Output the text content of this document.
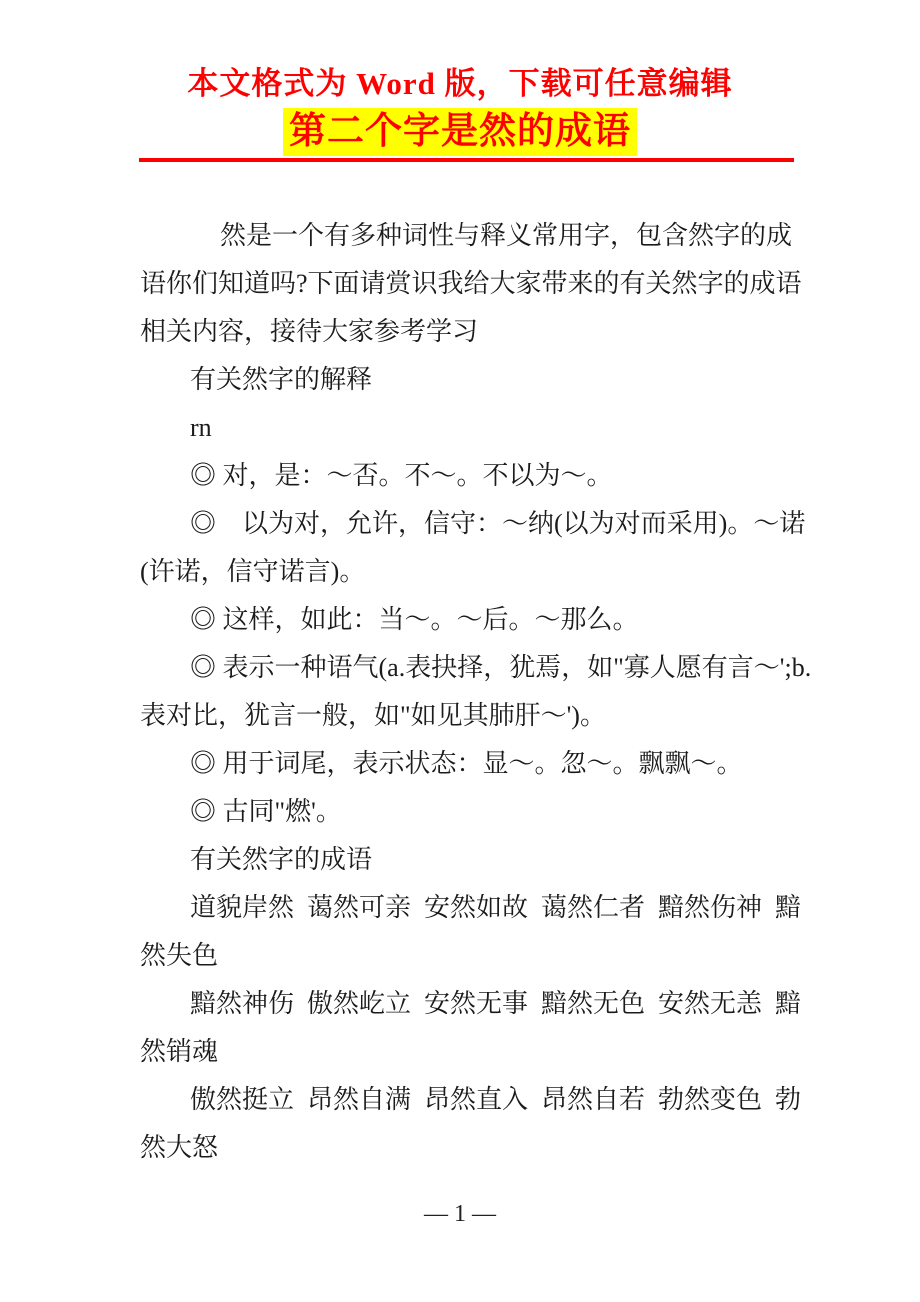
本文格式为 Word 版，下载可任意编辑
第二个字是然的成语
然是一个有多种词性与释义常用字，包含然字的成
语你们知道吗?下面请赏识我给大家带来的有关然字的成语
相关内容，接待大家参考学习
有关然字的解释
rn
◎ 对，是：～否。不～。不以为～。
◎　以为对，允许，信守：～纳(以为对而采用)。～诺
(许诺，信守诺言)。
◎ 这样，如此：当～。～后。～那么。
◎ 表示一种语气(a.表抉择，犹焉，如"寡人愿有言～';b.
表对比，犹言一般，如"如见其肺肝～')。
◎ 用于词尾，表示状态：显～。忽～。飘飘～。
◎ 古同"燃'。
有关然字的成语
道貌岸然  蔼然可亲  安然如故  蔼然仁者  黯然伤神  黯
然失色
黯然神伤  傲然屹立  安然无事  黯然无色  安然无恙  黯
然销魂
傲然挺立  昂然自满  昂然直入  昂然自若  勃然变色  勃
然大怒
— 1 —
